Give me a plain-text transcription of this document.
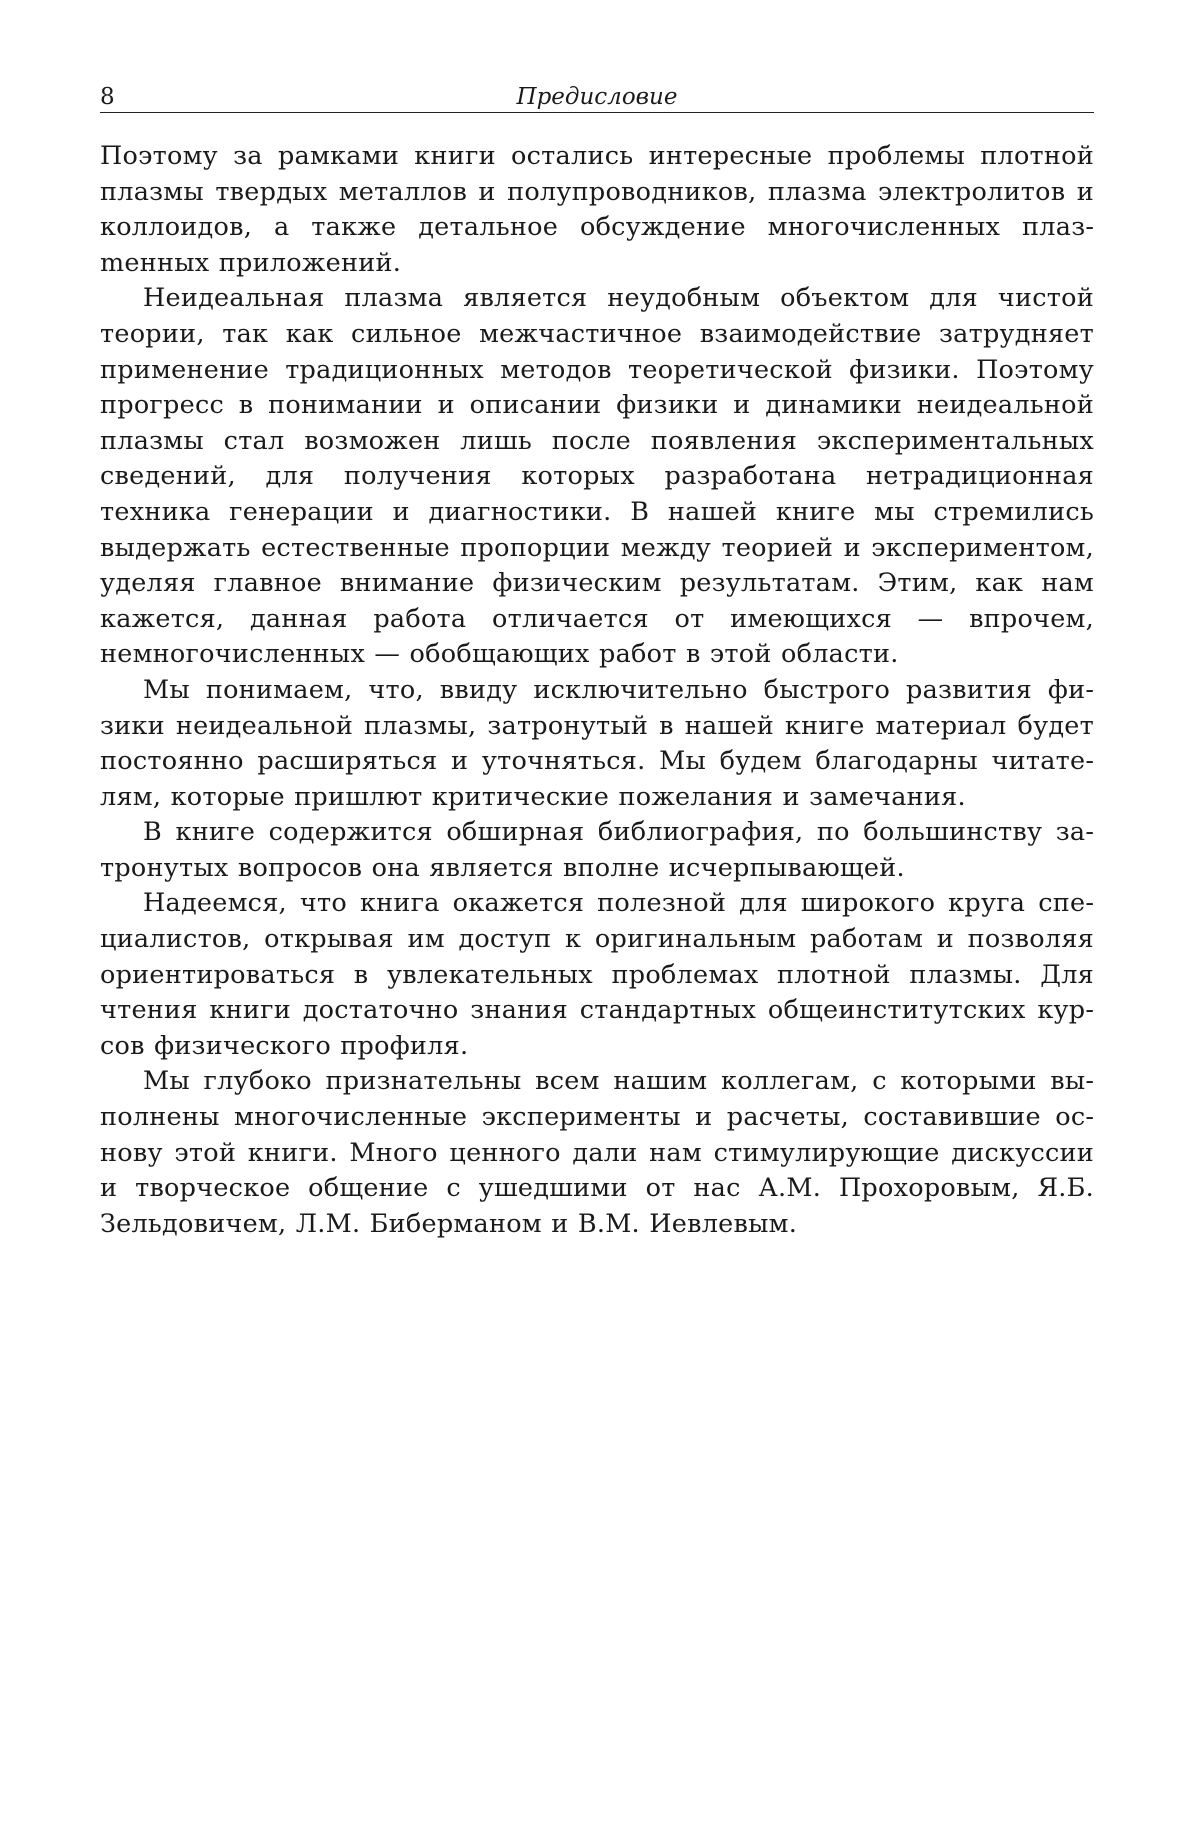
8	Предисловие

Поэтому за рамками книги остались интересные проблемы плотной плазмы твердых металлов и полупроводников, плазма электролитов и коллоидов, а также детальное обсуждение многочисленных плазmенных приложений.

Неидеальная плазма является неудобным объектом для чистой теории, так как сильное межчастичное взаимодействие затрудняет применение традиционных методов теоретической физики. Поэтому прогресс в понимании и описании физики и динамики неидеальной плазмы стал возможен лишь после появления экспериментальных сведений, для получения которых разработана нетрадиционная техника генерации и диагностики. В нашей книге мы стремились выдержать естественные пропорции между теорией и экспериментом, уделяя главное внимание физическим результатам. Этим, как нам кажется, данная работа отличается от имеющихся — впрочем, немногочисленных — обобщающих работ в этой области.

Мы понимаем, что, ввиду исключительно быстрого развития физики неидеальной плазмы, затронутый в нашей книге материал будет постоянно расширяться и уточняться. Мы будем благодарны читателям, которые пришлют критические пожелания и замечания.

В книге содержится обширная библиография, по большинству затронутых вопросов она является вполне исчерпывающей.

Надеемся, что книга окажется полезной для широкого круга специалистов, открывая им доступ к оригинальным работам и позволяя ориентироваться в увлекательных проблемах плотной плазмы. Для чтения книги достаточно знания стандартных общеинститутских курсов физического профиля.

Мы глубоко признательны всем нашим коллегам, с которыми выполнены многочисленные эксперименты и расчеты, составившие основу этой книги. Много ценного дали нам стимулирующие дискуссии и творческое общение с ушедшими от нас А.М. Прохоровым, Я.Б. Зельдовичем, Л.М. Биберманом и В.М. Иевлевым.
